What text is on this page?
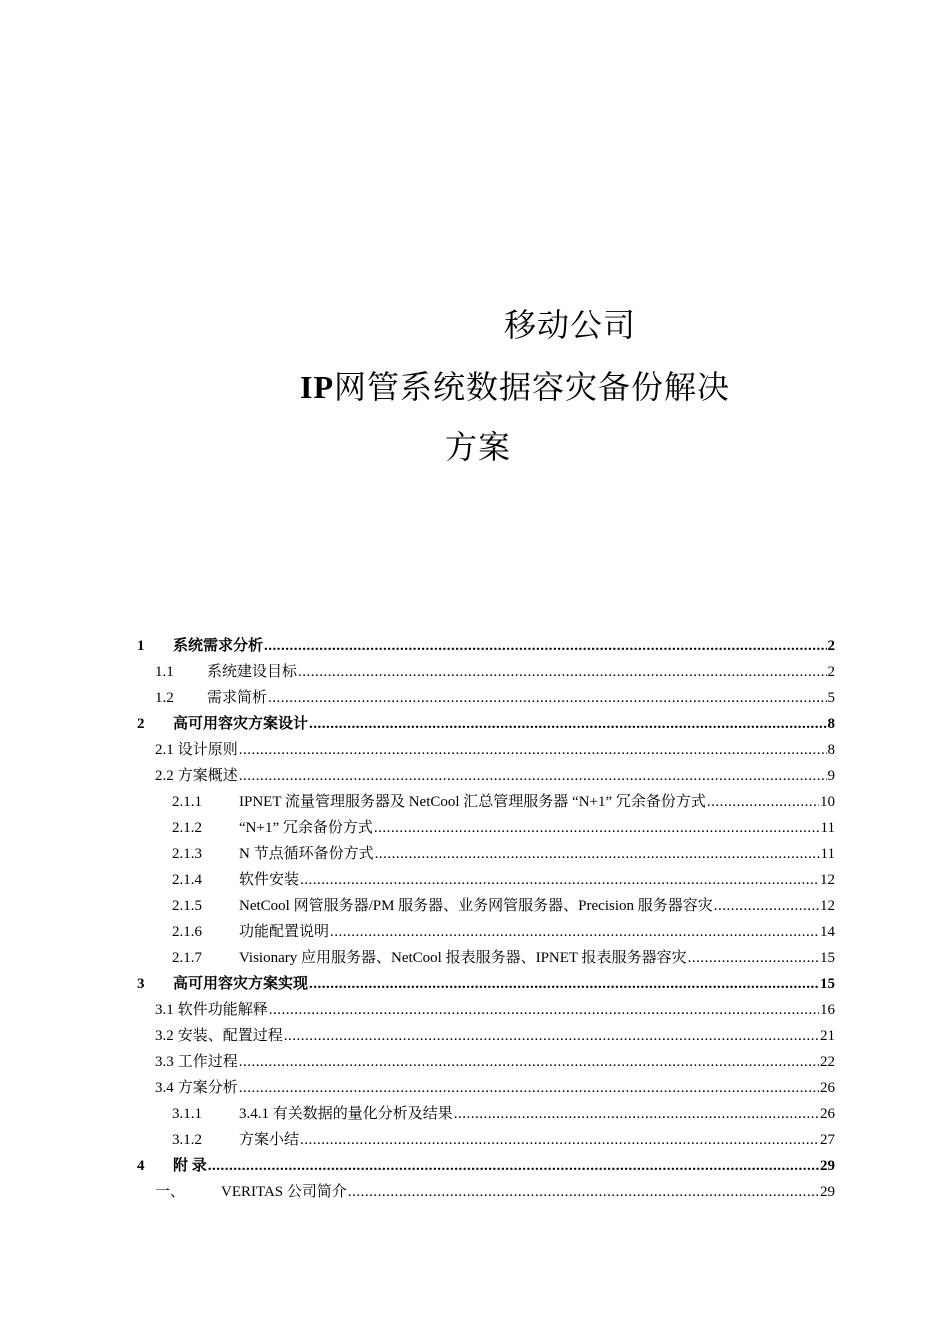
移动公司
IP网管系统数据容灾备份解决
方案
1	系统需求分析 .....	2
1.1	系统建设目标 .....	2
1.2	需求简析 .....	5
2	高可用容灾方案设计 .....	8
2.1 设计原则 .....	8
2.2 方案概述 .....	9
2.1.1	IPNET 流量管理服务器及 NetCool 汇总管理服务器 “N+1” 冗余备份方式 .....	10
2.1.2	“N+1” 冗余备份方式 .....	11
2.1.3	N 节点循环备份方式 .....	11
2.1.4	软件安装 .....	12
2.1.5	NetCool 网管服务器/PM 服务器、业务网管服务器、Precision 服务器容灾 .....	12
2.1.6	功能配置说明 .....	14
2.1.7	Visionary 应用服务器、NetCool 报表服务器、IPNET 报表服务器容灾 .....	15
3	高可用容灾方案实现 .....	15
3.1 软件功能解释 .....	16
3.2 安装、配置过程 .....	21
3.3 工作过程 .....	22
3.4 方案分析 .....	26
3.1.1	3.4.1 有关数据的量化分析及结果 .....	26
3.1.2	方案小结 .....	27
4	附 录 .....	29
一、	VERITAS 公司简介 .....	29
